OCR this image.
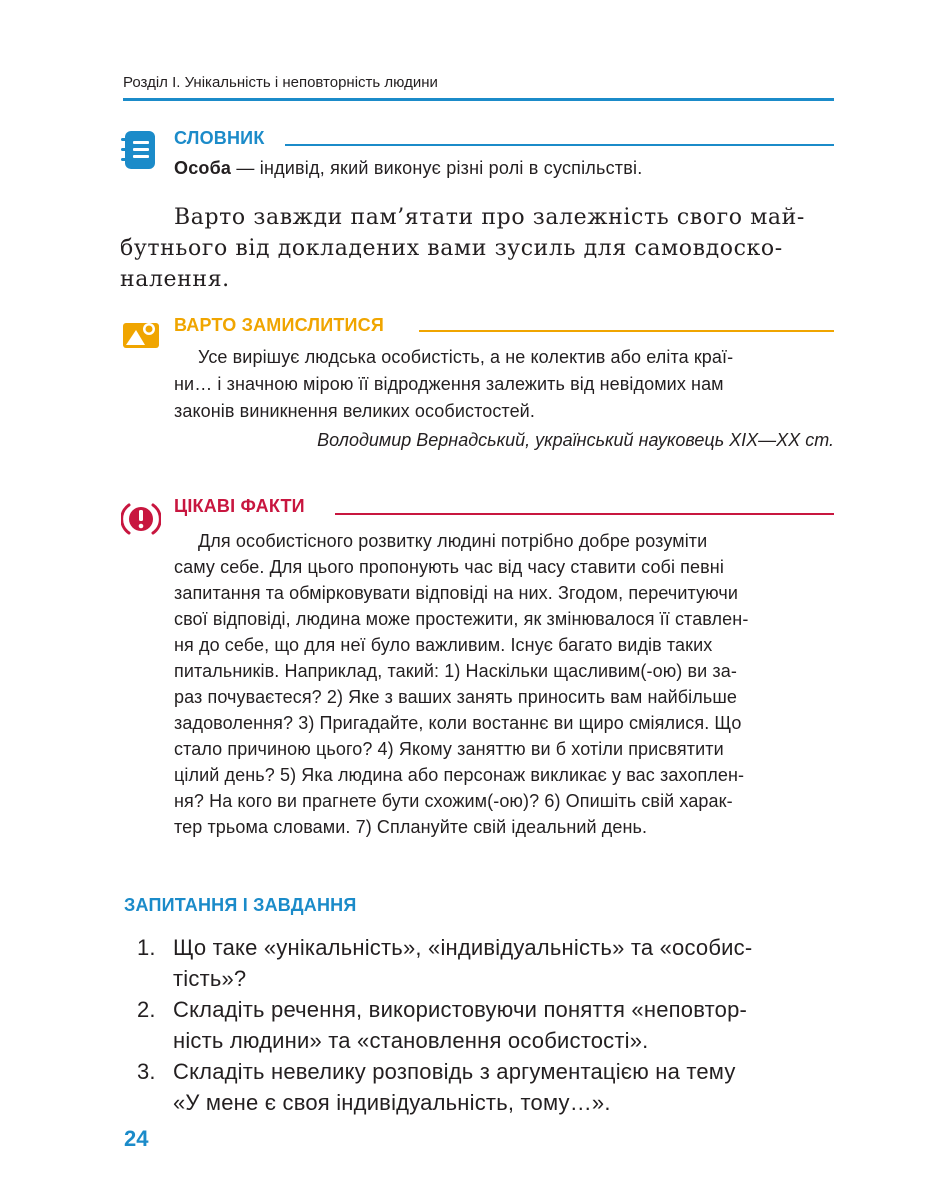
Розділ I. Унікальність і неповторність людини
СЛОВНИК
Особа — індивід, який виконує різні ролі в суспільстві.
Варто завжди пам’ятати про залежність свого май-
бутнього від докладених вами зусиль для самовдоско-
налення.
ВАРТО ЗАМИСЛИТИСЯ
Усе вирішує людська особистість, а не колектив або еліта краї-
ни… і значною мірою її відродження залежить від невідомих нам
законів виникнення великих особистостей.
Володимир Вернадський, український науковець XIX—XX ст.
ЦІКАВІ ФАКТИ
Для особистісного розвитку людині потрібно добре розуміти
саму себе. Для цього пропонують час від часу ставити собі певні
запитання та обмірковувати відповіді на них. Згодом, перечитуючи
свої відповіді, людина може простежити, як змінювалося її ставлен-
ня до себе, що для неї було важливим. Існує багато видів таких
питальників. Наприклад, такий: 1) Наскільки щасливим(-ою) ви за-
раз почуваєтеся? 2) Яке з ваших занять приносить вам найбільше
задоволення? 3) Пригадайте, коли востаннє ви щиро сміялися. Що
стало причиною цього? 4) Якому заняттю ви б хотіли присвятити
цілий день? 5) Яка людина або персонаж викликає у вас захоплен-
ня? На кого ви прагнете бути схожим(-ою)? 6) Опишіть свій харак-
тер трьома словами. 7) Сплануйте свій ідеальний день.
ЗАПИТАННЯ І ЗАВДАННЯ
1. Що таке «унікальність», «індивідуальність» та «особис-
тість»?
2. Складіть речення, використовуючи поняття «неповтор-
ність людини» та «становлення особистості».
3. Складіть невелику розповідь з аргументацією на тему
«У мене є своя індивідуальність, тому…».
24
